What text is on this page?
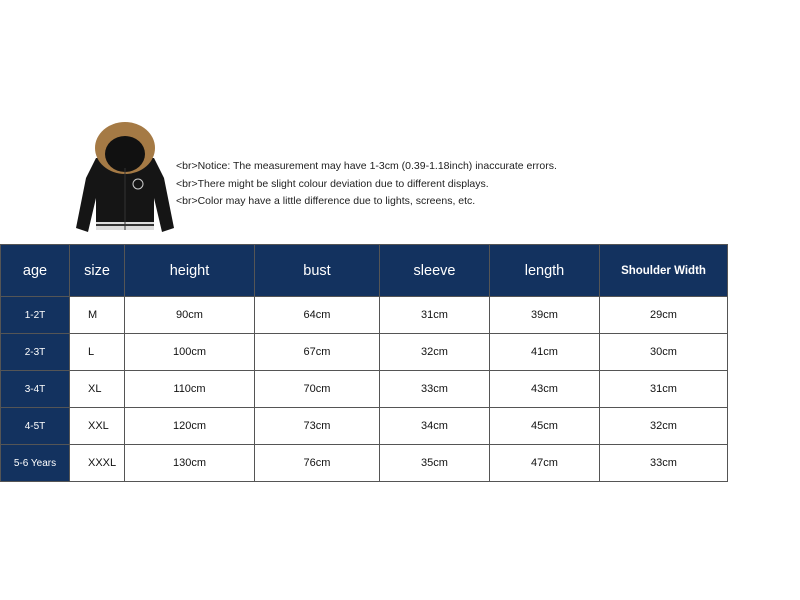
<br>Notice: The measurement may have 1-3cm (0.39-1.18inch) inaccurate errors.
<br>There might be slight colour deviation due to different displays.
<br>Color may have a little difference due to lights, screens, etc.
age	size	height	bust	sleeve	length	Shoulder Width
1-2T	M	90cm	64cm	31cm	39cm	29cm
2-3T	L	100cm	67cm	32cm	41cm	30cm
3-4T	XL	110cm	70cm	33cm	43cm	31cm
4-5T	XXL	120cm	73cm	34cm	45cm	32cm
5-6 Years	XXXL	130cm	76cm	35cm	47cm	33cm
